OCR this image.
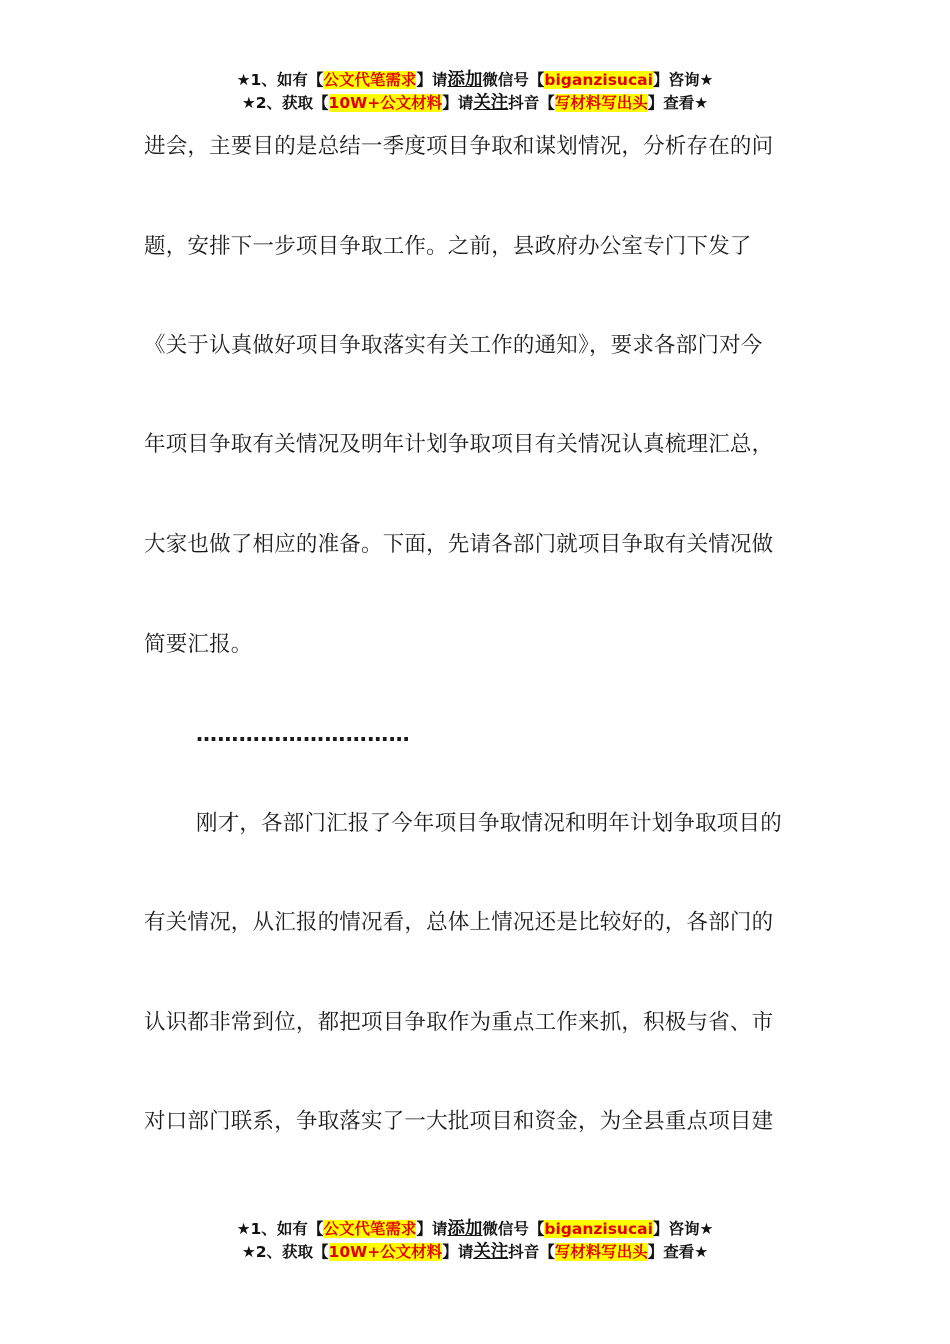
★1、如有【公文代笔需求】请添加微信号【biganzisucai】咨询★
★2、获取【10W+公文材料】请关注抖音【写材料写出头】查看★
进会，主要目的是总结一季度项目争取和谋划情况，分析存在的问
题，安排下一步项目争取工作。之前，县政府办公室专门下发了
《关于认真做好项目争取落实有关工作的通知》，要求各部门对今
年项目争取有关情况及明年计划争取项目有关情况认真梳理汇总，
大家也做了相应的准备。下面，先请各部门就项目争取有关情况做
简要汇报。
…………………………
刚才，各部门汇报了今年项目争取情况和明年计划争取项目的
有关情况，从汇报的情况看，总体上情况还是比较好的，各部门的
认识都非常到位，都把项目争取作为重点工作来抓，积极与省、市
对口部门联系，争取落实了一大批项目和资金，为全县重点项目建
★1、如有【公文代笔需求】请添加微信号【biganzisucai】咨询★
★2、获取【10W+公文材料】请关注抖音【写材料写出头】查看★
